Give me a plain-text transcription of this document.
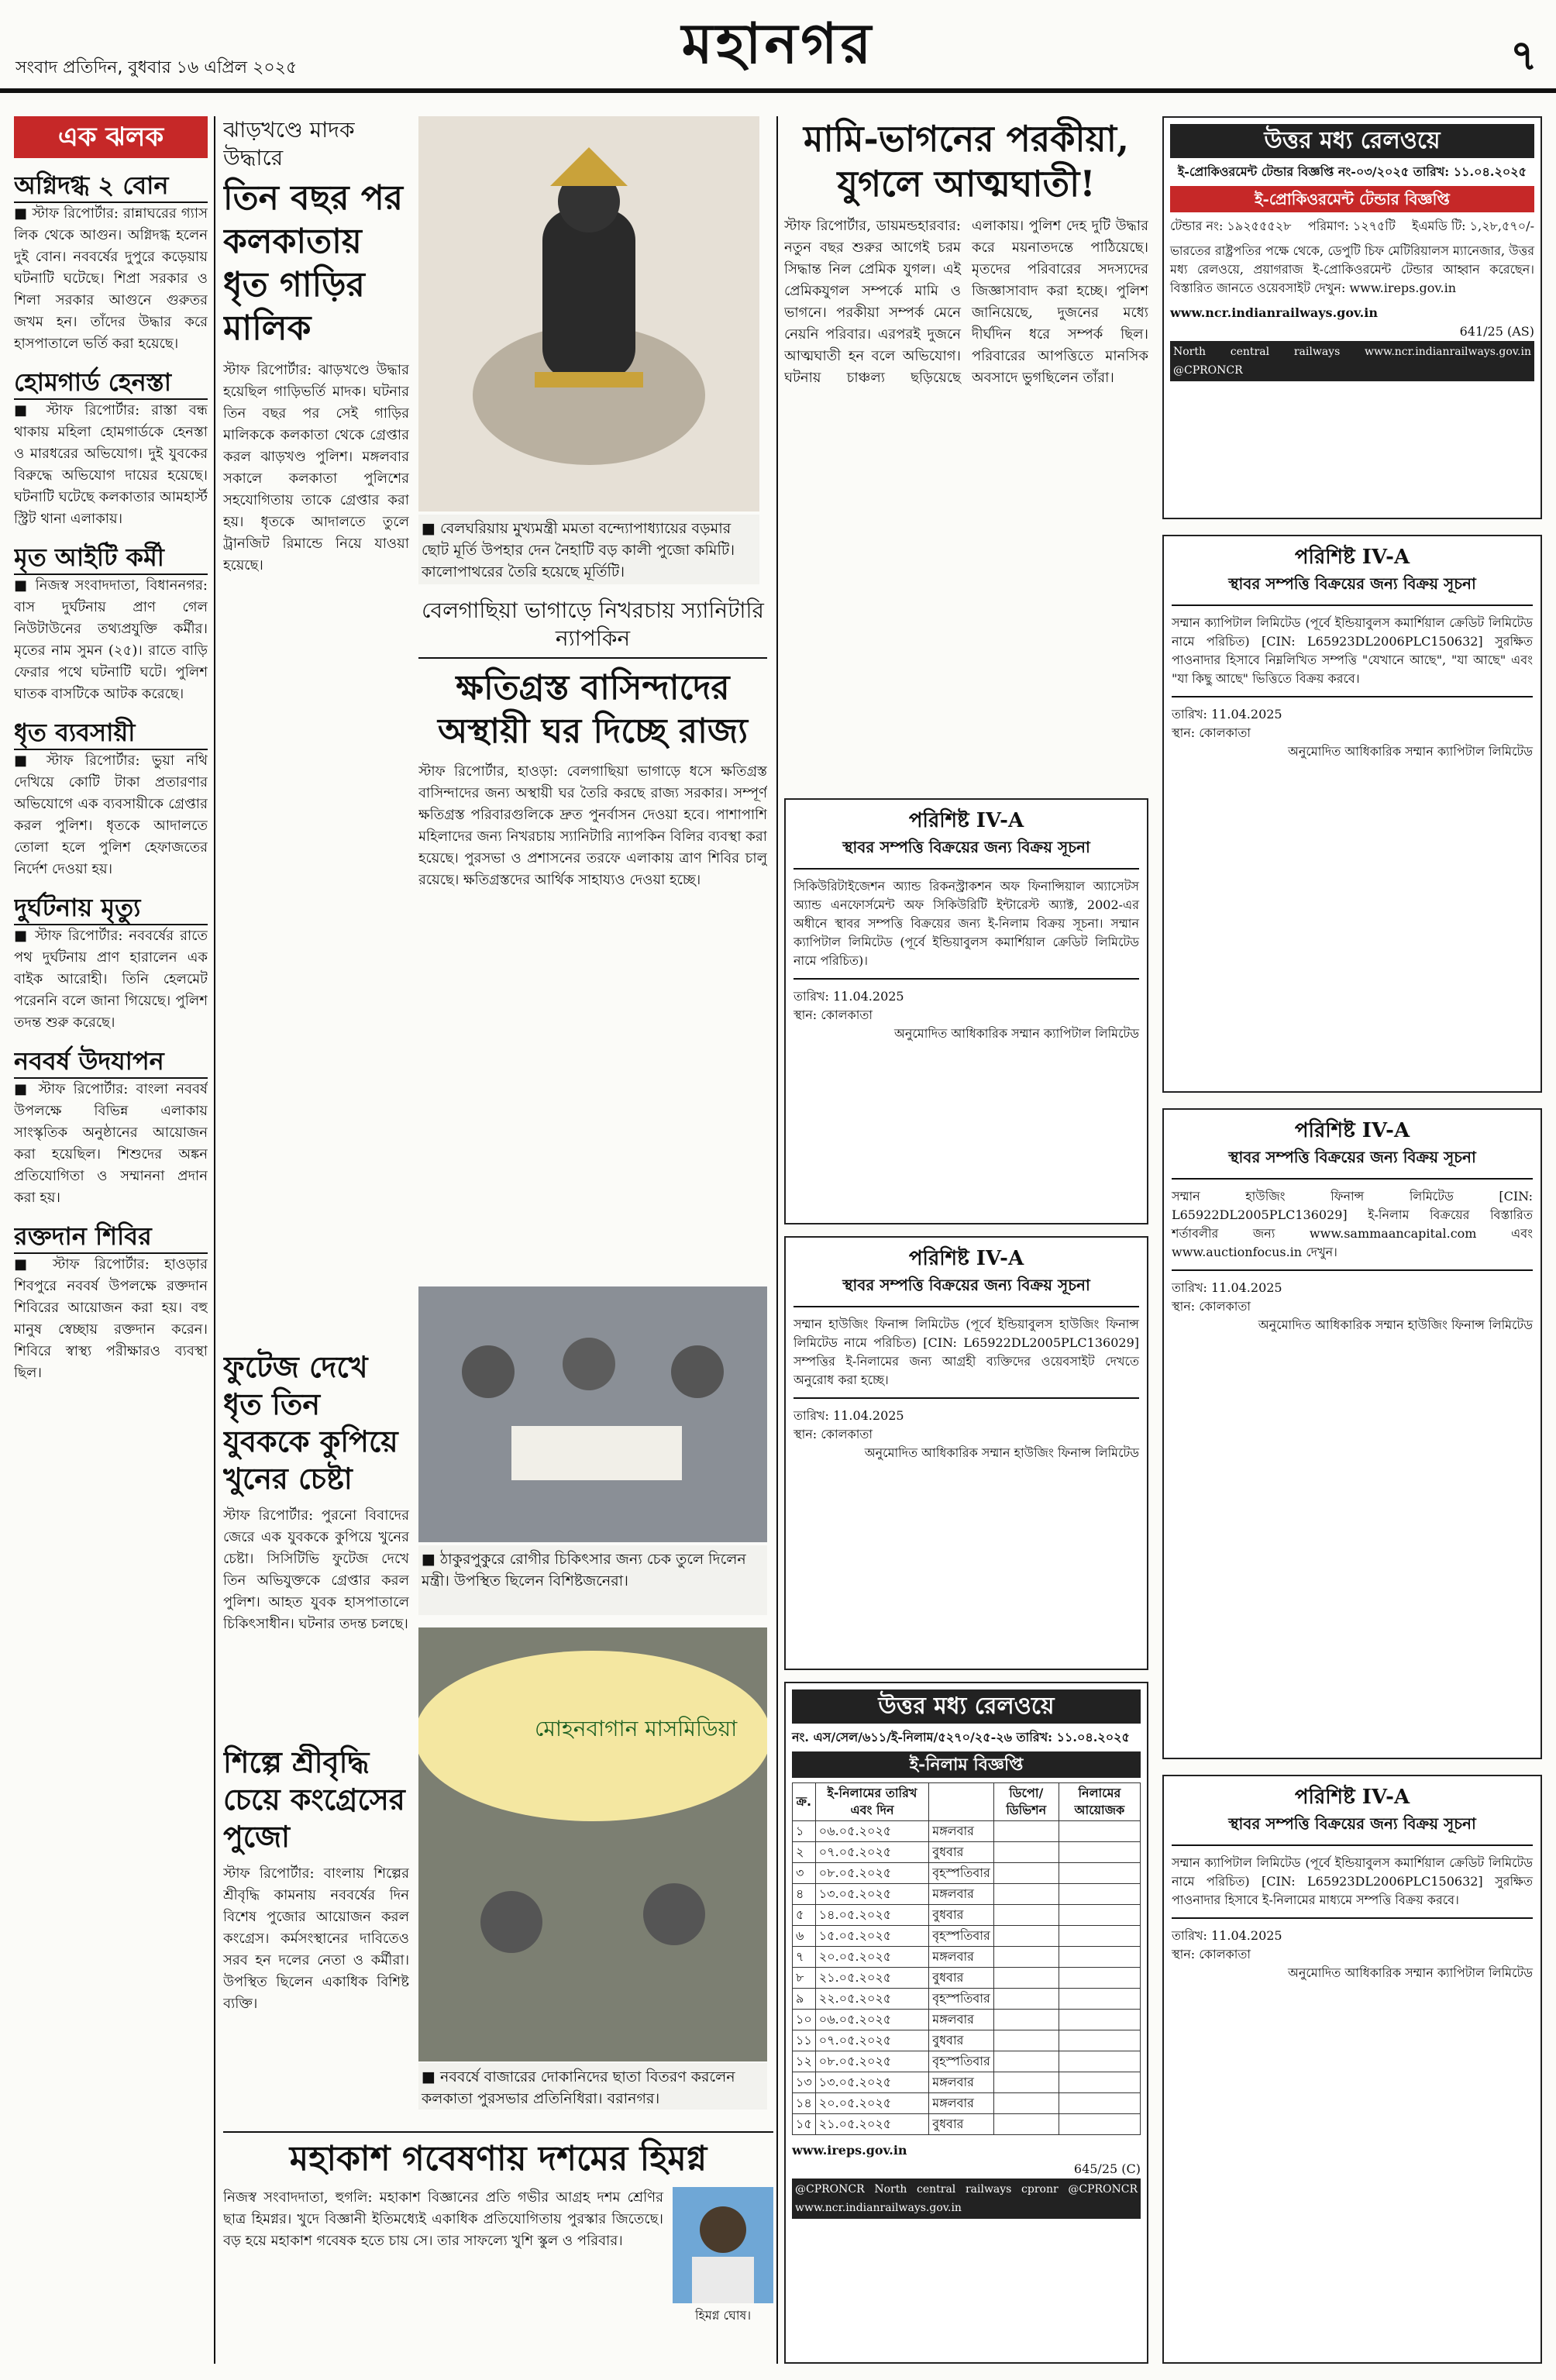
সংবাদ প্রতিদিন, বুধবার ১৬ এপ্রিল ২০২৫	মহানগর	৭
এক ঝলক
অগ্নিদগ্ধ ২ বোন
■ স্টাফ রিপোর্টার: রান্নাঘরের গ্যাস লিক থেকে আগুন। অগ্নিদগ্ধ হলেন দুই বোন। নববর্ষের দুপুরে কড়েয়ায় ঘটনাটি ঘটেছে। শিপ্রা সরকার ও শিলা সরকার আগুনে গুরুতর জখম হন। তাঁদের উদ্ধার করে হাসপাতালে ভর্তি করা হয়েছে।
হোমগার্ড হেনস্তা
■ স্টাফ রিপোর্টার: রাস্তা বন্ধ থাকায় মহিলা হোমগার্ডকে হেনস্তা ও মারধরের অভিযোগ। দুই যুবকের বিরুদ্ধে অভিযোগ দায়ের হয়েছে। ঘটনাটি ঘটেছে কলকাতার আমহার্স্ট স্ট্রিট থানা এলাকায়।
মৃত আইটি কর্মী
■ নিজস্ব সংবাদদাতা, বিধাননগর: বাস দুর্ঘটনায় প্রাণ গেল নিউটাউনের তথ্যপ্রযুক্তি কর্মীর। মৃতের নাম সুমন (২৫)। রাতে বাড়ি ফেরার পথে ঘটনাটি ঘটে। পুলিশ ঘাতক বাসটিকে আটক করেছে।
ধৃত ব্যবসায়ী
■ স্টাফ রিপোর্টার: ভুয়া নথি দেখিয়ে কোটি টাকা প্রতারণার অভিযোগে এক ব্যবসায়ীকে গ্রেপ্তার করল পুলিশ। ধৃতকে আদালতে তোলা হলে পুলিশ হেফাজতের নির্দেশ দেওয়া হয়।
দুর্ঘটনায় মৃত্যু
■ স্টাফ রিপোর্টার: নববর্ষের রাতে পথ দুর্ঘটনায় প্রাণ হারালেন এক বাইক আরোহী। তিনি হেলমেট পরেননি বলে জানা গিয়েছে। পুলিশ তদন্ত শুরু করেছে।
নববর্ষ উদযাপন
■ স্টাফ রিপোর্টার: বাংলা নববর্ষ উপলক্ষে বিভিন্ন এলাকায় সাংস্কৃতিক অনুষ্ঠানের আয়োজন করা হয়েছিল। শিশুদের অঙ্কন প্রতিযোগিতা ও সম্মাননা প্রদান করা হয়।
রক্তদান শিবির
■ স্টাফ রিপোর্টার: হাওড়ার শিবপুরে নববর্ষ উপলক্ষে রক্তদান শিবিরের আয়োজন করা হয়। বহু মানুষ স্বেচ্ছায় রক্তদান করেন। শিবিরে স্বাস্থ্য পরীক্ষারও ব্যবস্থা ছিল।
ঝাড়খণ্ডে মাদক উদ্ধারে
তিন বছর পর কলকাতায় ধৃত গাড়ির মালিক
স্টাফ রিপোর্টার: ঝাড়খণ্ডে উদ্ধার হয়েছিল গাড়িভর্তি মাদক। ঘটনার তিন বছর পর সেই গাড়ির মালিককে কলকাতা থেকে গ্রেপ্তার করল ঝাড়খণ্ড পুলিশ। মঙ্গলবার সকালে কলকাতা পুলিশের সহযোগিতায় তাকে গ্রেপ্তার করা হয়। ধৃতকে আদালতে তুলে ট্রানজিট রিমান্ডে নিয়ে যাওয়া হয়েছে।
■ বেলঘরিয়ায় মুখ্যমন্ত্রী মমতা বন্দ্যোপাধ্যায়ের বড়মার ছোট মূর্তি উপহার দেন নৈহাটি বড় কালী পুজো কমিটি। কালোপাথরের তৈরি হয়েছে মূর্তিটি।
বেলগাছিয়া ভাগাড়ে নিখরচায় স্যানিটারি ন্যাপকিন
ক্ষতিগ্রস্ত বাসিন্দাদের অস্থায়ী ঘর দিচ্ছে রাজ্য
স্টাফ রিপোর্টার, হাওড়া: বেলগাছিয়া ভাগাড়ে ধসে ক্ষতিগ্রস্ত বাসিন্দাদের জন্য অস্থায়ী ঘর তৈরি করছে রাজ্য সরকার। সম্পূর্ণ ক্ষতিগ্রস্ত পরিবারগুলিকে দ্রুত পুনর্বাসন দেওয়া হবে। পাশাপাশি মহিলাদের জন্য নিখরচায় স্যানিটারি ন্যাপকিন বিলির ব্যবস্থা করা হয়েছে। পুরসভা ও প্রশাসনের তরফে এলাকায় ত্রাণ শিবির চালু রয়েছে। ক্ষতিগ্রস্তদের আর্থিক সাহায্যও দেওয়া হচ্ছে।
ফুটেজ দেখে ধৃত তিন যুবককে কুপিয়ে খুনের চেষ্টা
স্টাফ রিপোর্টার: পুরনো বিবাদের জেরে এক যুবককে কুপিয়ে খুনের চেষ্টা। সিসিটিভি ফুটেজ দেখে তিন অভিযুক্তকে গ্রেপ্তার করল পুলিশ। আহত যুবক হাসপাতালে চিকিৎসাধীন। ঘটনার তদন্ত চলছে।
■ ঠাকুরপুকুরে রোগীর চিকিৎসার জন্য চেক তুলে দিলেন মন্ত্রী। উপস্থিত ছিলেন বিশিষ্টজনেরা।
শিল্পে শ্রীবৃদ্ধি চেয়ে কংগ্রেসের পুজো
স্টাফ রিপোর্টার: বাংলায় শিল্পের শ্রীবৃদ্ধি কামনায় নববর্ষের দিন বিশেষ পুজোর আয়োজন করল কংগ্রেস। কর্মসংস্থানের দাবিতেও সরব হন দলের নেতা ও কর্মীরা। উপস্থিত ছিলেন একাধিক বিশিষ্ট ব্যক্তি।
মোহনবাগান মাসমিডিয়া
■ নববর্ষে বাজারের দোকানিদের ছাতা বিতরণ করলেন কলকাতা পুরসভার প্রতিনিধিরা। বরানগর।
মহাকাশ গবেষণায় দশমের হিমগ্ন
নিজস্ব সংবাদদাতা, হুগলি: মহাকাশ বিজ্ঞানের প্রতি গভীর আগ্রহ দশম শ্রেণির ছাত্র হিমগ্নর। খুদে বিজ্ঞানী ইতিমধ্যেই একাধিক প্রতিযোগিতায় পুরস্কার জিতেছে। বড় হয়ে মহাকাশ গবেষক হতে চায় সে। তার সাফল্যে খুশি স্কুল ও পরিবার।
হিমগ্ন ঘোষ।
মামি-ভাগনের পরকীয়া, যুগলে আত্মঘাতী!
স্টাফ রিপোর্টার, ডায়মন্ডহারবার: নতুন বছর শুরুর আগেই চরম সিদ্ধান্ত নিল প্রেমিক যুগল। এই প্রেমিকযুগল সম্পর্কে মামি ও ভাগনে। পরকীয়া সম্পর্ক মেনে নেয়নি পরিবার। এরপরই দুজনে আত্মঘাতী হন বলে অভিযোগ। ঘটনায় চাঞ্চল্য ছড়িয়েছে এলাকায়। পুলিশ দেহ দুটি উদ্ধার করে ময়নাতদন্তে পাঠিয়েছে। মৃতদের পরিবারের সদস্যদের জিজ্ঞাসাবাদ করা হচ্ছে। পুলিশ জানিয়েছে, দুজনের মধ্যে দীর্ঘদিন ধরে সম্পর্ক ছিল। পরিবারের আপত্তিতে মানসিক অবসাদে ভুগছিলেন তাঁরা।
পরিশিষ্ট IV-A
স্থাবর সম্পত্তি বিক্রয়ের জন্য বিক্রয় সূচনা
সিকিউরিটাইজেশন অ্যান্ড রিকনস্ট্রাকশন অফ ফিনান্সিয়াল অ্যাসেটস অ্যান্ড এনফোর্সমেন্ট অফ সিকিউরিটি ইন্টারেস্ট অ্যাক্ট, 2002-এর অধীনে স্থাবর সম্পত্তি বিক্রয়ের জন্য ই-নিলাম বিক্রয় সূচনা। সম্মান ক্যাপিটাল লিমিটেড (পূর্বে ইন্ডিয়াবুলস কমার্শিয়াল ক্রেডিট লিমিটেড নামে পরিচিত)।
তারিখ: 11.04.2025
স্থান: কোলকাতা
অনুমোদিত আধিকারিক সম্মান ক্যাপিটাল লিমিটেড
পরিশিষ্ট IV-A
স্থাবর সম্পত্তি বিক্রয়ের জন্য বিক্রয় সূচনা
সম্মান হাউজিং ফিনান্স লিমিটেড (পূর্বে ইন্ডিয়াবুলস হাউজিং ফিনান্স লিমিটেড নামে পরিচিত) [CIN: L65922DL2005PLC136029] সম্পত্তির ই-নিলামের জন্য আগ্রহী ব্যক্তিদের ওয়েবসাইট দেখতে অনুরোধ করা হচ্ছে।
তারিখ: 11.04.2025
স্থান: কোলকাতা
অনুমোদিত আধিকারিক সম্মান হাউজিং ফিনান্স লিমিটেড
উত্তর মধ্য রেলওয়ে
নং. এস/সেল/৬১১/ই-নিলাম/৫২৭০/২৫-২৬ তারিখ: ১১.০৪.২০২৫
ই-নিলাম বিজ্ঞপ্তি
ক্র.	ই-নিলামের তারিখ এবং দিন		ডিপো/ডিভিশন	নিলামের আয়োজক
১	০৬.০৫.২০২৫	মঙ্গলবার		
২	০৭.০৫.২০২৫	বুধবার		
৩	০৮.০৫.২০২৫	বৃহস্পতিবার		
৪	১৩.০৫.২০২৫	মঙ্গলবার		
৫	১৪.০৫.২০২৫	বুধবার		
৬	১৫.০৫.২০২৫	বৃহস্পতিবার		
৭	২০.০৫.২০২৫	মঙ্গলবার		
৮	২১.০৫.২০২৫	বুধবার		
৯	২২.০৫.২০২৫	বৃহস্পতিবার		
১০	০৬.০৫.২০২৫	মঙ্গলবার		
১১	০৭.০৫.২০২৫	বুধবার		
১২	০৮.০৫.২০২৫	বৃহস্পতিবার		
১৩	১৩.০৫.২০২৫	মঙ্গলবার		
১৪	২০.০৫.২০২৫	মঙ্গলবার		
১৫	২১.০৫.২০২৫	বুধবার		
www.ireps.gov.in
645/25 (C)
@CPRONCR North central railways cpronr @CPRONCR www.ncr.indianrailways.gov.in
উত্তর মধ্য রেলওয়ে
ই-প্রোকিওরমেন্ট টেন্ডার বিজ্ঞপ্তি নং-০৩/২০২৫ তারিখ: ১১.০৪.২০২৫
ই-প্রোকিওরমেন্ট টেন্ডার বিজ্ঞপ্তি
টেন্ডার নং: ১৯২৫৫৫২৮ পরিমাণ: ১২৭৫টি ইএমডি টি: ১,২৮,৫৭০/-
ভারতের রাষ্ট্রপতির পক্ষে থেকে, ডেপুটি চিফ মেটিরিয়ালস ম্যানেজার, উত্তর মধ্য রেলওয়ে, প্রয়াগরাজ ই-প্রোকিওরমেন্ট টেন্ডার আহ্বান করেছেন। বিস্তারিত জানতে ওয়েবসাইট দেখুন: www.ireps.gov.in
www.ncr.indianrailways.gov.in
641/25 (AS)
North central railways www.ncr.indianrailways.gov.in @CPRONCR
পরিশিষ্ট IV-A
স্থাবর সম্পত্তি বিক্রয়ের জন্য বিক্রয় সূচনা
সম্মান ক্যাপিটাল লিমিটেড (পূর্বে ইন্ডিয়াবুলস কমার্শিয়াল ক্রেডিট লিমিটেড নামে পরিচিত) [CIN: L65923DL2006PLC150632] সুরক্ষিত পাওনাদার হিসাবে নিম্নলিখিত সম্পত্তি "যেখানে আছে", "যা আছে" এবং "যা কিছু আছে" ভিত্তিতে বিক্রয় করবে।
তারিখ: 11.04.2025
স্থান: কোলকাতা
অনুমোদিত আধিকারিক সম্মান ক্যাপিটাল লিমিটেড
পরিশিষ্ট IV-A
স্থাবর সম্পত্তি বিক্রয়ের জন্য বিক্রয় সূচনা
সম্মান হাউজিং ফিনান্স লিমিটেড [CIN: L65922DL2005PLC136029] ই-নিলাম বিক্রয়ের বিস্তারিত শর্তাবলীর জন্য www.sammaancapital.com এবং www.auctionfocus.in দেখুন।
তারিখ: 11.04.2025
স্থান: কোলকাতা
অনুমোদিত আধিকারিক সম্মান হাউজিং ফিনান্স লিমিটেড
পরিশিষ্ট IV-A
স্থাবর সম্পত্তি বিক্রয়ের জন্য বিক্রয় সূচনা
সম্মান ক্যাপিটাল লিমিটেড (পূর্বে ইন্ডিয়াবুলস কমার্শিয়াল ক্রেডিট লিমিটেড নামে পরিচিত) [CIN: L65923DL2006PLC150632] সুরক্ষিত পাওনাদার হিসাবে ই-নিলামের মাধ্যমে সম্পত্তি বিক্রয় করবে।
তারিখ: 11.04.2025
স্থান: কোলকাতা
অনুমোদিত আধিকারিক সম্মান ক্যাপিটাল লিমিটেড
